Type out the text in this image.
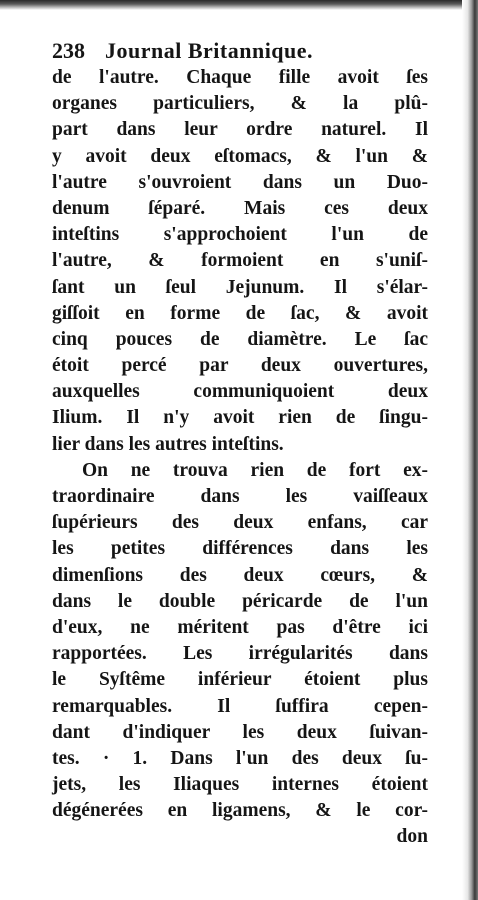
238 Journal Britannique.
de l'autre. Chaque fille avoit ſes
organes particuliers, & la plû-
part dans leur ordre naturel. Il
y avoit deux eſtomacs, & l'un &
l'autre s'ouvroient dans un Duo-
denum ſéparé. Mais ces deux
inteſtins s'approchoient l'un de
l'autre, & formoient en s'uniſ-
ſant un ſeul Jejunum. Il s'élar-
giſſoit en forme de ſac, & avoit
cinq pouces de diamètre. Le ſac
étoit percé par deux ouvertures,
auxquelles communiquoient deux
Ilium. Il n'y avoit rien de ſingu-
lier dans les autres inteſtins.
On ne trouva rien de fort ex-
traordinaire dans les vaiſſeaux
ſupérieurs des deux enfans, car
les petites différences dans les
dimenſions des deux cœurs, &
dans le double péricarde de l'un
d'eux, ne méritent pas d'être ici
rapportées. Les irrégularités dans
le Syſtême inférieur étoient plus
remarquables. Il ſuffira cepen-
dant d'indiquer les deux ſuivan-
tes. · 1. Dans l'un des deux ſu-
jets, les Iliaques internes étoient
dégénerées en ligamens, & le cor-
don
